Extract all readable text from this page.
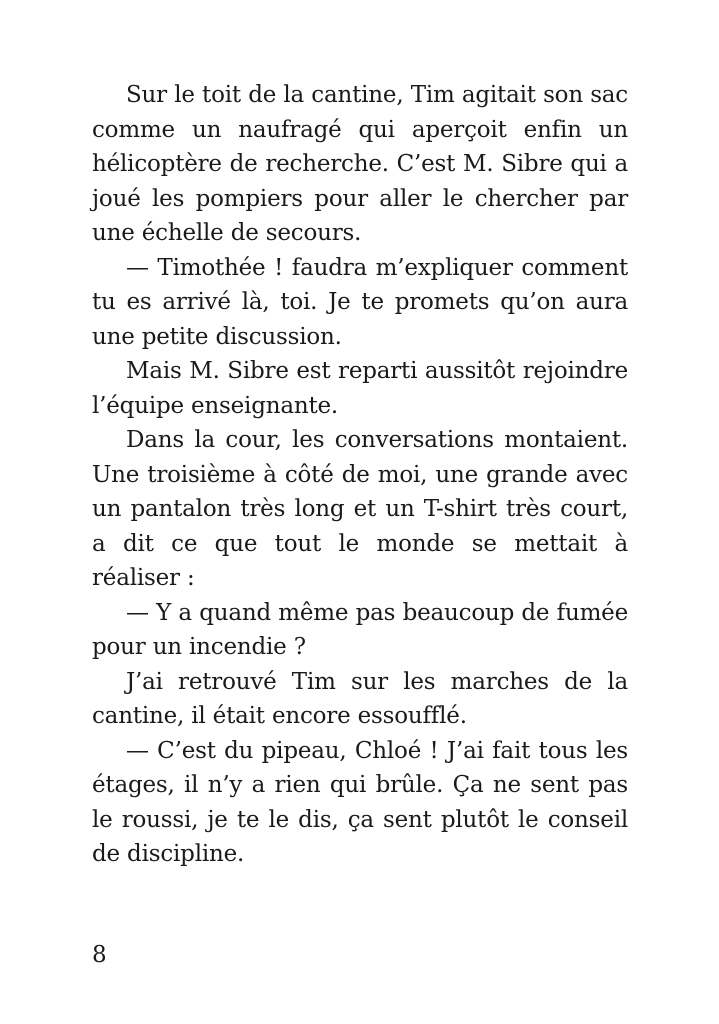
Sur le toit de la cantine, Tim agitait son sac comme un naufragé qui aperçoit enfin un hélicoptère de recherche. C’est M. Sibre qui a joué les pompiers pour aller le chercher par une échelle de secours.

— Timothée ! faudra m’expliquer comment tu es arrivé là, toi. Je te promets qu’on aura une petite discussion.

Mais M. Sibre est reparti aussitôt rejoindre l’équipe enseignante.

Dans la cour, les conversations montaient. Une troisième à côté de moi, une grande avec un pantalon très long et un T-shirt très court, a dit ce que tout le monde se mettait à réaliser :

— Y a quand même pas beaucoup de fumée pour un incendie ?

J’ai retrouvé Tim sur les marches de la cantine, il était encore essoufflé.

— C’est du pipeau, Chloé ! J’ai fait tous les étages, il n’y a rien qui brûle. Ça ne sent pas le roussi, je te le dis, ça sent plutôt le conseil de discipline.

8
